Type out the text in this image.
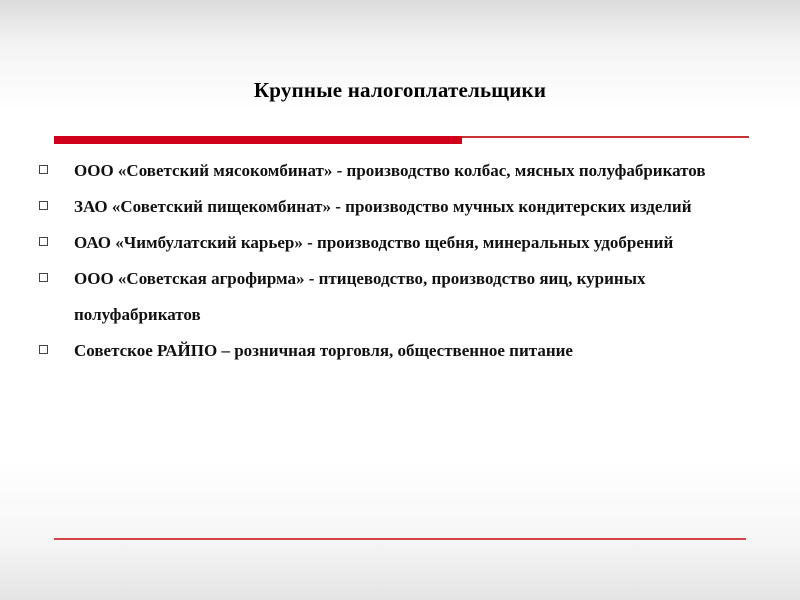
Крупные налогоплательщики
ООО «Советский мясокомбинат» - производство колбас, мясных полуфабрикатов
ЗАО «Советский пищекомбинат» - производство мучных кондитерских изделий
ОАО «Чимбулатский карьер» - производство щебня, минеральных удобрений
ООО «Советская агрофирма» - птицеводство, производство яиц, куриных полуфабрикатов
Советское РАЙПО – розничная торговля, общественное питание
